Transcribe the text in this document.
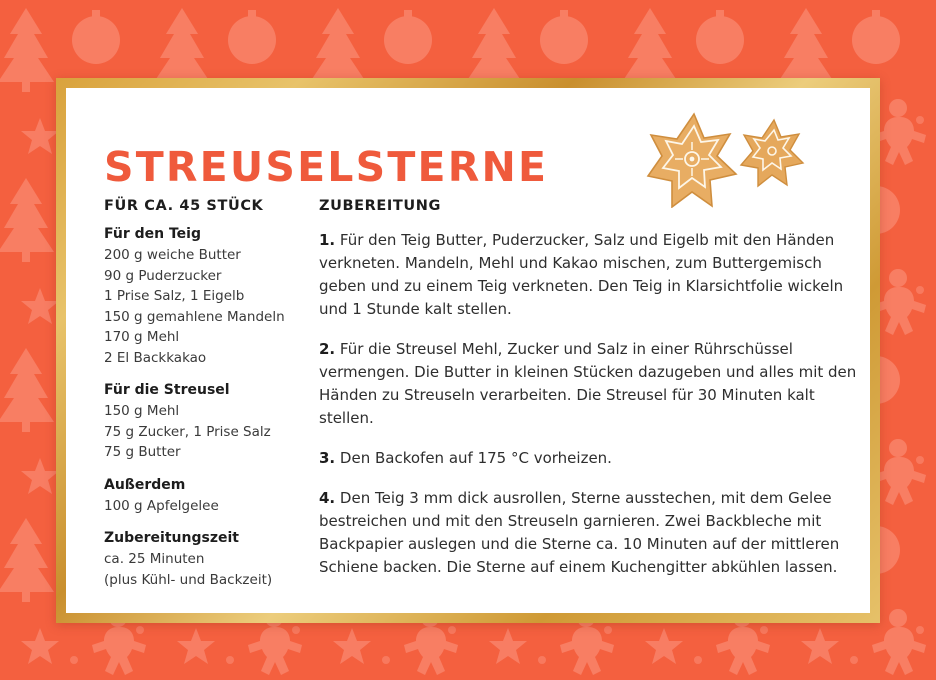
STREUSELSTERNE
FÜR CA. 45 STÜCK
Für den Teig
200 g weiche Butter
90 g Puderzucker
1 Prise Salz, 1 Eigelb
150 g gemahlene Mandeln
170 g Mehl
2 El Backkakao
Für die Streusel
150 g Mehl
75 g Zucker, 1 Prise Salz
75 g Butter
Außerdem
100 g Apfelgelee
Zubereitungszeit
ca. 25 Minuten
(plus Kühl- und Backzeit)
ZUBEREITUNG

1. Für den Teig Butter, Puderzucker, Salz und Eigelb mit den Händen verkneten. Mandeln, Mehl und Kakao mischen, zum Buttergemisch geben und zu einem Teig verkneten. Den Teig in Klarsichtfolie wickeln und 1 Stunde kalt stellen.

2. Für die Streusel Mehl, Zucker und Salz in einer Rührschüssel vermengen. Die Butter in kleinen Stücken dazugeben und alles mit den Händen zu Streuseln verarbeiten. Die Streusel für 30 Minuten kalt stellen.

3. Den Backofen auf 175 °C vorheizen.

4. Den Teig 3 mm dick ausrollen, Sterne ausstechen, mit dem Gelee bestreichen und mit den Streuseln garnieren. Zwei Backbleche mit Backpapier auslegen und die Sterne ca. 10 Minuten auf der mittleren Schiene backen. Die Sterne auf einem Kuchengitter abkühlen lassen.
